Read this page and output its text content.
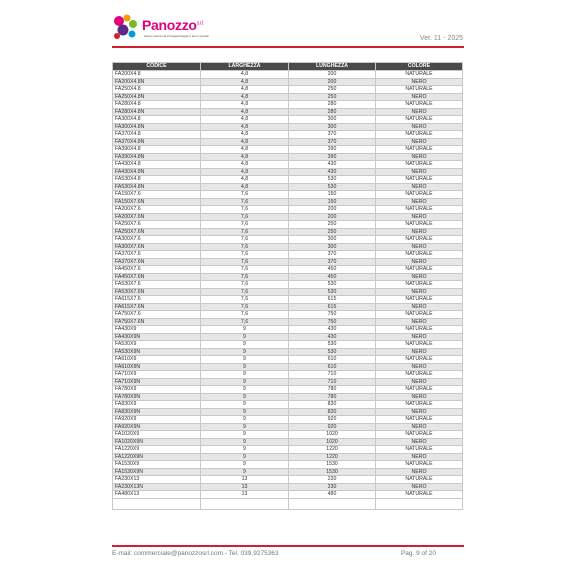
Panozzo$^{s.r.l.}$
sistemi elettrici da immagazzinaggio e lavori speciali	Ver. 11 - 2025
CODICE	LARGHEZZA	LUNGHEZZA	COLORE
FA200X4.8	4,8	200	NATURALE
FA200X4.8N	4,8	200	NERO
FA250X4.8	4,8	250	NATURALE
FA250X4.8N	4,8	250	NERO
FA280X4.8	4,8	280	NATURALE
FA280X4.8N	4,8	280	NERO
FA300X4.8	4,8	300	NATURALE
FA300X4.8N	4,8	300	NERO
FA370X4.8	4,8	370	NATURALE
FA370X4.8N	4,8	370	NERO
FA390X4.8	4,8	390	NATURALE
FA390X4.8N	4,8	390	NERO
FA430X4.8	4,8	430	NATURALE
FA430X4.8N	4,8	430	NERO
FA530X4.8	4,8	530	NATURALE
FA530X4.8N	4,8	530	NERO
FA150X7.6	7,6	150	NATURALE
FA150X7.6N	7,6	150	NERO
FA200X7.6	7,6	200	NATURALE
FA200X7.6N	7,6	200	NERO
FA250X7.6	7,6	250	NATURALE
FA250X7.6N	7,6	250	NERO
FA300X7.6	7,6	300	NATURALE
FA300X7.6N	7,6	300	NERO
FA370X7.6	7,6	370	NATURALE
FA370X7.6N	7,6	370	NERO
FA450X7.6	7,6	450	NATURALE
FA450X7.6N	7,6	450	NERO
FA530X7.6	7,6	530	NATURALE
FA530X7.6N	7,6	530	NERO
FA615X7.6	7,6	615	NATURALE
FA615X7.6N	7,6	615	NERO
FA750X7.6	7,6	750	NATURALE
FA750X7.6N	7,6	750	NERO
FA430X9	9	430	NATURALE
FA430X9N	9	430	NERO
FA530X9	9	530	NATURALE
FA530X9N	9	530	NERO
FA610X9	9	610	NATURALE
FA610X9N	9	610	NERO
FA710X9	9	710	NATURALE
FA710X9N	9	710	NERO
FA780X9	9	780	NATURALE
FA780X9N	9	780	NERO
FA830X9	9	830	NATURALE
FA830X9N	9	830	NERO
FA920X9	9	920	NATURALE
FA920X9N	9	920	NERO
FA1020X9	9	1020	NATURALE
FA1020X9N	9	1020	NERO
FA1220X9	9	1220	NATURALE
FA1220X9N	9	1220	NERO
FA1530X9	9	1530	NATURALE
FA1530X9N	9	1530	NERO
FA230X13	13	230	NATURALE
FA230X13N	13	230	NERO
FA480X13	13	480	NATURALE

E-mail: commerciale@panozzosrl.com - Tel. 039.9275363	Pag. 9 of 20
